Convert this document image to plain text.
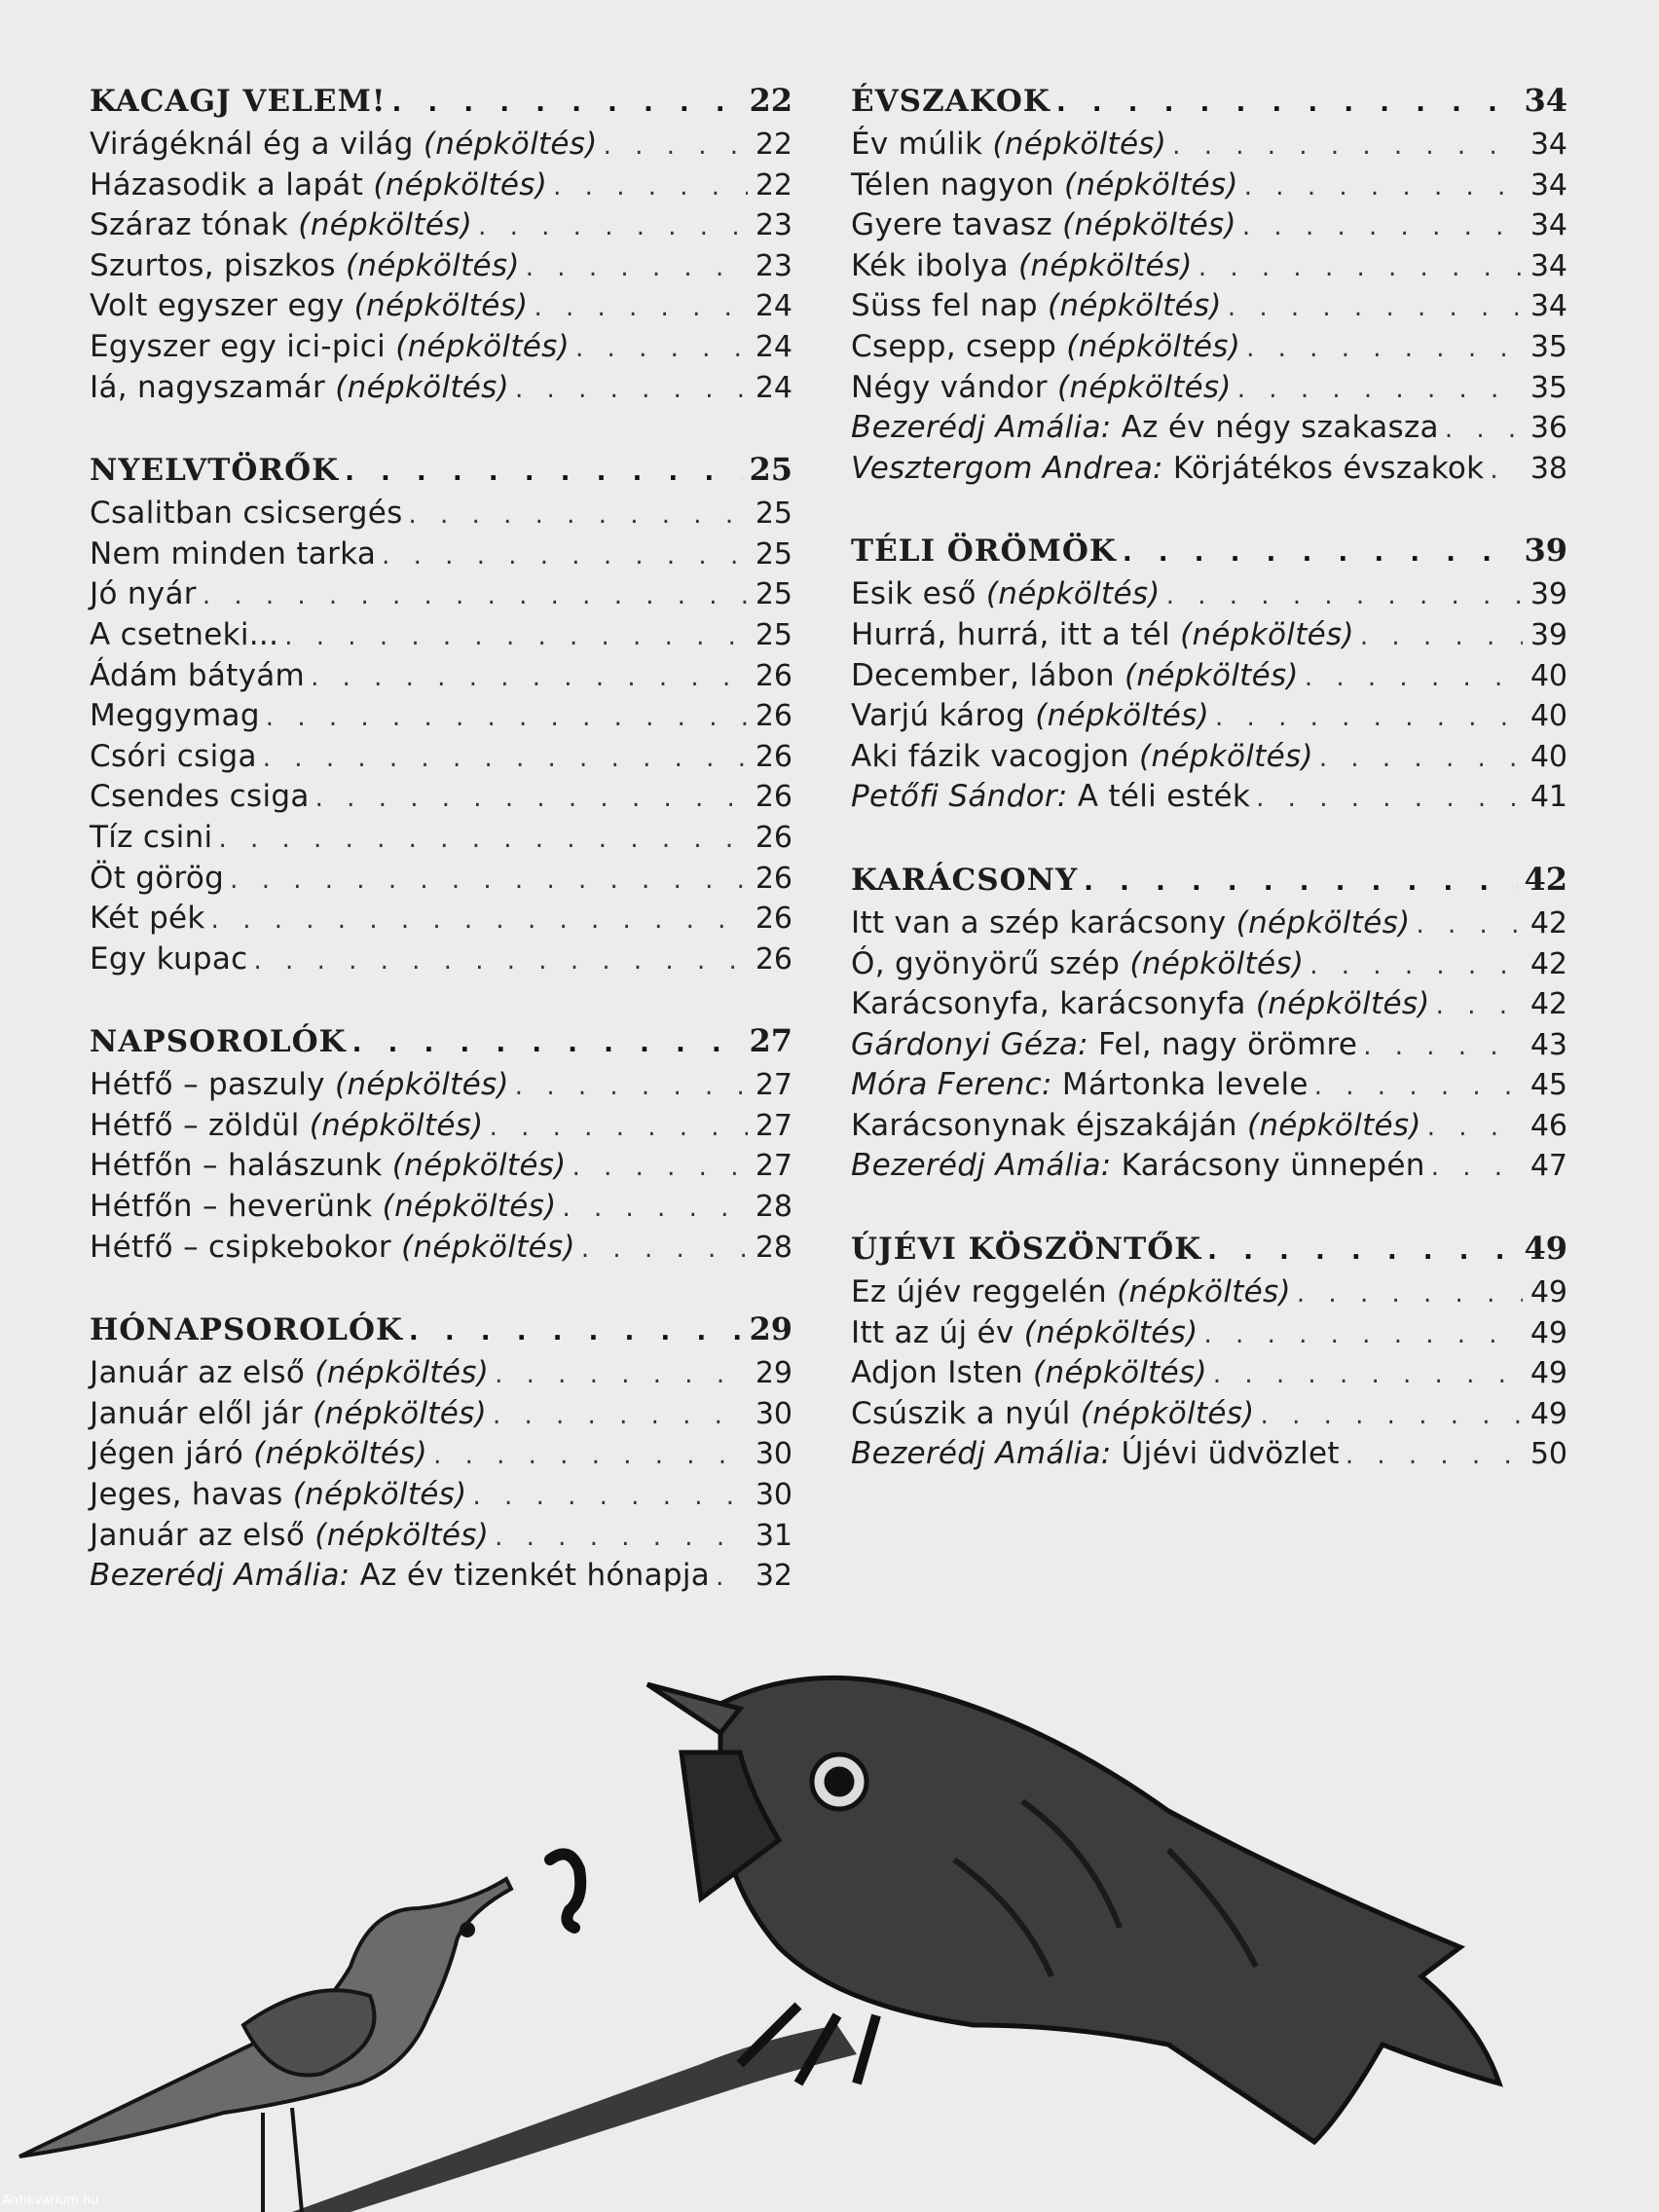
KACAGJ VELEM! . . .	22
Virágéknál ég a világ (népköltés) . . .	22
Házasodik a lapát (népköltés) . . .	22
Száraz tónak (népköltés) . . .	23
Szurtos, piszkos (népköltés) . . .	23
Volt egyszer egy (népköltés) . . .	24
Egyszer egy ici-pici (népköltés) . . .	24
Iá, nagyszamár (népköltés) . . .	24
NYELVTÖRŐK . . .	25
Csalitban csicsergés . . .	25
Nem minden tarka . . .	25
Jó nyár . . .	25
A csetneki... . . .	25
Ádám bátyám . . .	26
Meggymag . . .	26
Csóri csiga . . .	26
Csendes csiga . . .	26
Tíz csini . . .	26
Öt görög . . .	26
Két pék . . .	26
Egy kupac . . .	26
NAPSOROLÓK . . .	27
Hétfő – paszuly (népköltés) . . .	27
Hétfő – zöldül (népköltés) . . .	27
Hétfőn – halászunk (népköltés) . . .	27
Hétfőn – heverünk (népköltés) . . .	28
Hétfő – csipkebokor (népköltés) . . .	28
HÓNAPSOROLÓK . . .	29
Január az első (népköltés) . . .	29
Január elől jár (népköltés) . . .	30
Jégen járó (népköltés) . . .	30
Jeges, havas (népköltés) . . .	30
Január az első (népköltés) . . .	31
Bezerédj Amália: Az év tizenkét hónapja . . . 32
ÉVSZAKOK . . .	34
Év múlik (népköltés) . . .	34
Télen nagyon (népköltés) . . .	34
Gyere tavasz (népköltés) . . .	34
Kék ibolya (népköltés) . . .	34
Süss fel nap (népköltés) . . .	34
Csepp, csepp (népköltés) . . .	35
Négy vándor (népköltés) . . .	35
Bezerédj Amália: Az év négy szakasza . . .	36
Vesztergom Andrea: Körjátékos évszakok . . . 38
TÉLI ÖRÖMÖK . . .	39
Esik eső (népköltés) . . .	39
Hurrá, hurrá, itt a tél (népköltés) . . .	39
December, lábon (népköltés) . . .	40
Varjú károg (népköltés) . . .	40
Aki fázik vacogjon (népköltés) . . .	40
Petőfi Sándor: A téli esték . . .	41
KARÁCSONY . . .	42
Itt van a szép karácsony (népköltés) . . .	42
Ó, gyönyörű szép (népköltés) . . .	42
Karácsonyfa, karácsonyfa (népköltés) . . .	42
Gárdonyi Géza: Fel, nagy örömre . . .	43
Móra Ferenc: Mártonka levele . . .	45
Karácsonynak éjszakáján (népköltés) . . .	46
Bezerédj Amália: Karácsony ünnepén . . .	47
ÚJÉVI KÖSZÖNTŐK . . .	49
Ez újév reggelén (népköltés) . . .	49
Itt az új év (népköltés) . . .	49
Adjon Isten (népköltés) . . .	49
Csúszik a nyúl (népköltés) . . .	49
Bezerédj Amália: Újévi üdvözlet . . .	50
Antikvarium.hu
